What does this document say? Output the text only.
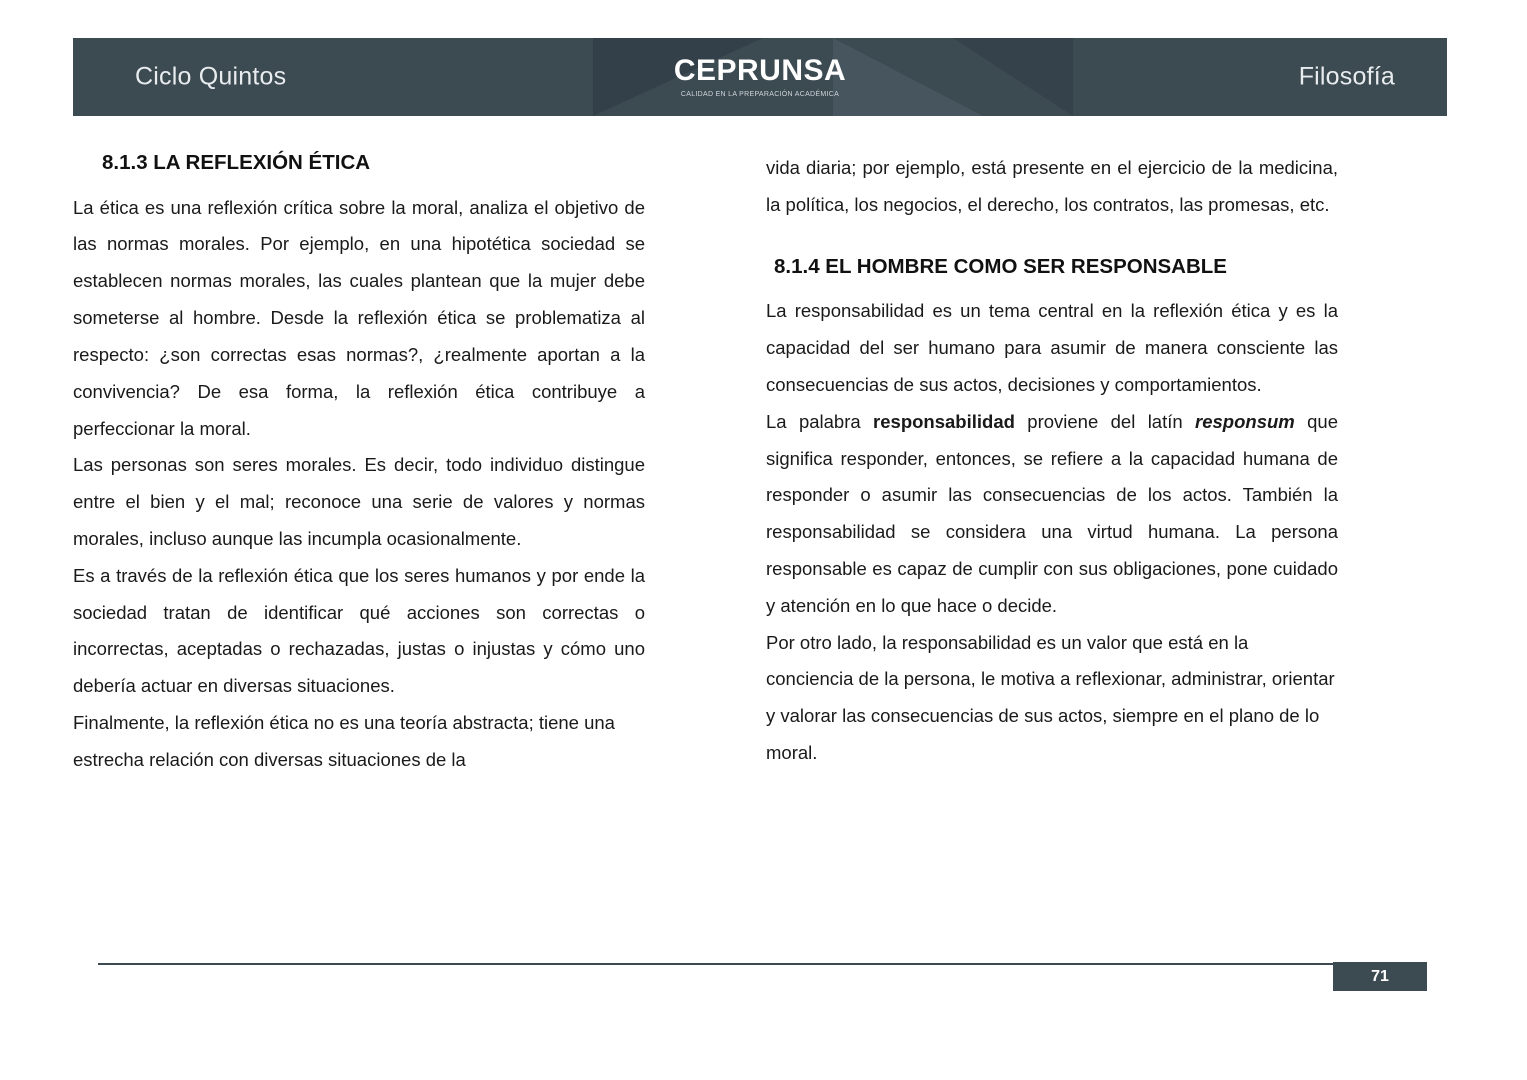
Ciclo Quintos	CEPRUNSA
CALIDAD EN LA PREPARACIÓN ACADÉMICA
Filosofía
8.1.3 LA REFLEXIÓN ÉTICA

La ética es una reflexión crítica sobre la moral, analiza el objetivo de las normas morales. Por ejemplo, en una hipotética sociedad se establecen normas morales, las cuales plantean que la mujer debe someterse al hombre. Desde la reflexión ética se problematiza al respecto: ¿son correctas esas normas?, ¿realmente aportan a la convivencia? De esa forma, la reflexión ética contribuye a perfeccionar la moral.

Las personas son seres morales. Es decir, todo individuo distingue entre el bien y el mal; reconoce una serie de valores y normas morales, incluso aunque las incumpla ocasionalmente.

Es a través de la reflexión ética que los seres humanos y por ende la sociedad tratan de identificar qué acciones son correctas o incorrectas, aceptadas o rechazadas, justas o injustas y cómo uno debería actuar en diversas situaciones.

Finalmente, la reflexión ética no es una teoría abstracta; tiene una estrecha relación con diversas situaciones de la

vida diaria; por ejemplo, está presente en el ejercicio de la medicina, la política, los negocios, el derecho, los contratos, las promesas, etc.

8.1.4 EL HOMBRE COMO SER RESPONSABLE

La responsabilidad es un tema central en la reflexión ética y es la capacidad del ser humano para asumir de manera consciente las consecuencias de sus actos, decisiones y comportamientos.

La palabra responsabilidad proviene del latín responsum que significa responder, entonces, se refiere a la capacidad humana de responder o asumir las consecuencias de los actos. También la responsabilidad se considera una virtud humana. La persona responsable es capaz de cumplir con sus obligaciones, pone cuidado y atención en lo que hace o decide.

Por otro lado, la responsabilidad es un valor que está en la conciencia de la persona, le motiva a reflexionar, administrar, orientar y valorar las consecuencias de sus actos, siempre en el plano de lo moral.

71
